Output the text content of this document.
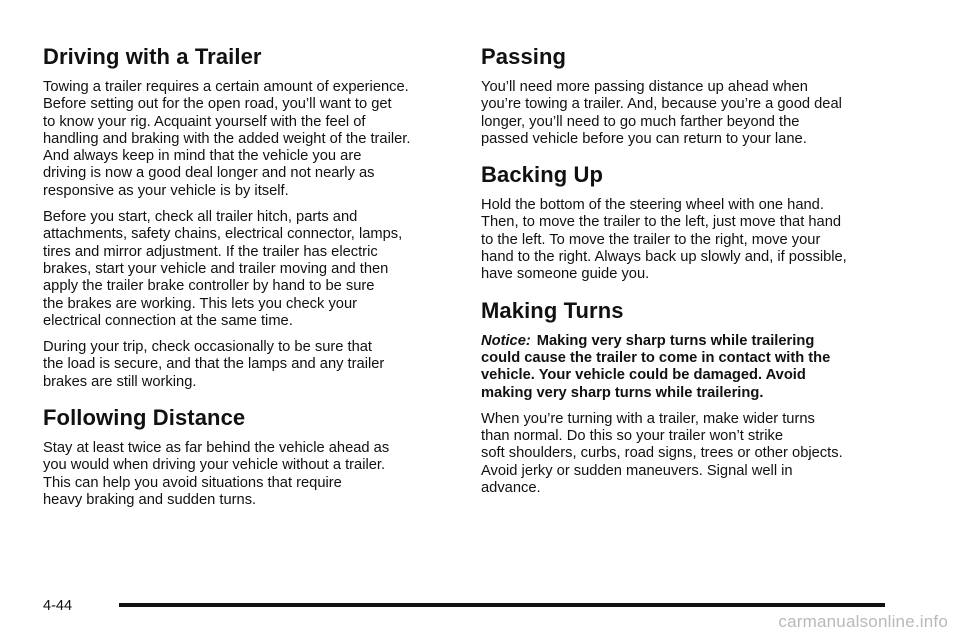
Driving with a Trailer

Towing a trailer requires a certain amount of experience.
Before setting out for the open road, you’ll want to get
to know your rig. Acquaint yourself with the feel of
handling and braking with the added weight of the trailer.
And always keep in mind that the vehicle you are
driving is now a good deal longer and not nearly as
responsive as your vehicle is by itself.

Before you start, check all trailer hitch, parts and
attachments, safety chains, electrical connector, lamps,
tires and mirror adjustment. If the trailer has electric
brakes, start your vehicle and trailer moving and then
apply the trailer brake controller by hand to be sure
the brakes are working. This lets you check your
electrical connection at the same time.

During your trip, check occasionally to be sure that
the load is secure, and that the lamps and any trailer
brakes are still working.

Following Distance

Stay at least twice as far behind the vehicle ahead as
you would when driving your vehicle without a trailer.
This can help you avoid situations that require
heavy braking and sudden turns.

Passing

You’ll need more passing distance up ahead when
you’re towing a trailer. And, because you’re a good deal
longer, you’ll need to go much farther beyond the
passed vehicle before you can return to your lane.

Backing Up

Hold the bottom of the steering wheel with one hand.
Then, to move the trailer to the left, just move that hand
to the left. To move the trailer to the right, move your
hand to the right. Always back up slowly and, if possible,
have someone guide you.

Making Turns

Notice: Making very sharp turns while trailering
could cause the trailer to come in contact with the
vehicle. Your vehicle could be damaged. Avoid
making very sharp turns while trailering.

When you’re turning with a trailer, make wider turns
than normal. Do this so your trailer won’t strike
soft shoulders, curbs, road signs, trees or other objects.
Avoid jerky or sudden maneuvers. Signal well in
advance.

4-44
carmanualsonline.info
